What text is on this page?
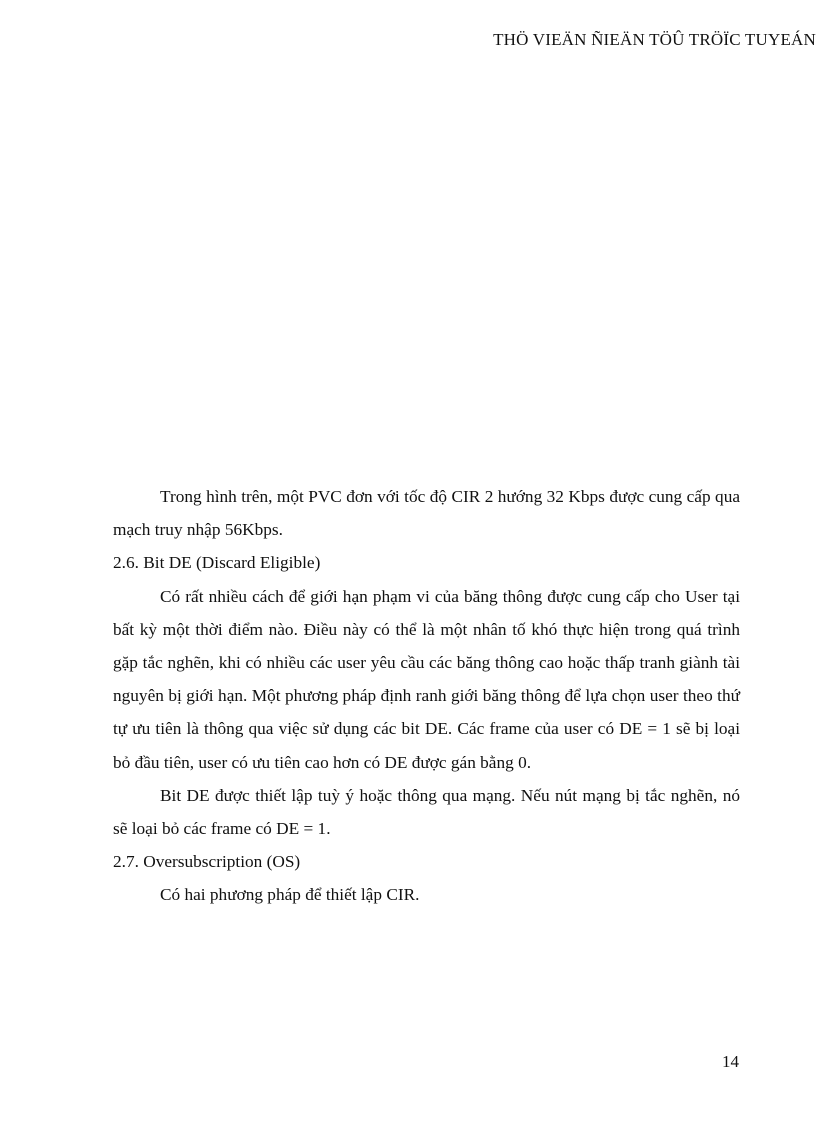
THÖ VIEÄN ÑIEÄN TÖÛ TRÖÏC TUYEÁN

Trong hình trên, một PVC đơn với tốc độ CIR 2 hướng 32 Kbps được cung cấp qua mạch truy nhập 56Kbps.

2.6. Bit DE (Discard Eligible)

Có rất nhiều cách để giới hạn phạm vi của băng thông được cung cấp cho User tại bất kỳ một thời điểm nào. Điều này có thể là một nhân tố khó thực hiện trong quá trình gặp tắc nghẽn, khi có nhiều các user yêu cầu các băng thông cao hoặc thấp tranh giành tài nguyên bị giới hạn. Một phương pháp định ranh giới băng thông để lựa chọn user theo thứ tự ưu tiên là thông qua việc sử dụng các bit DE. Các frame của user có DE = 1 sẽ bị loại bỏ đầu tiên, user có ưu tiên cao hơn có DE được gán bằng 0.

Bit DE được thiết lập tuỳ ý hoặc thông qua mạng. Nếu nút mạng bị tắc nghẽn, nó sẽ loại bỏ các frame có DE = 1.

2.7. Oversubscription (OS)

Có hai phương pháp để thiết lập CIR.

14
